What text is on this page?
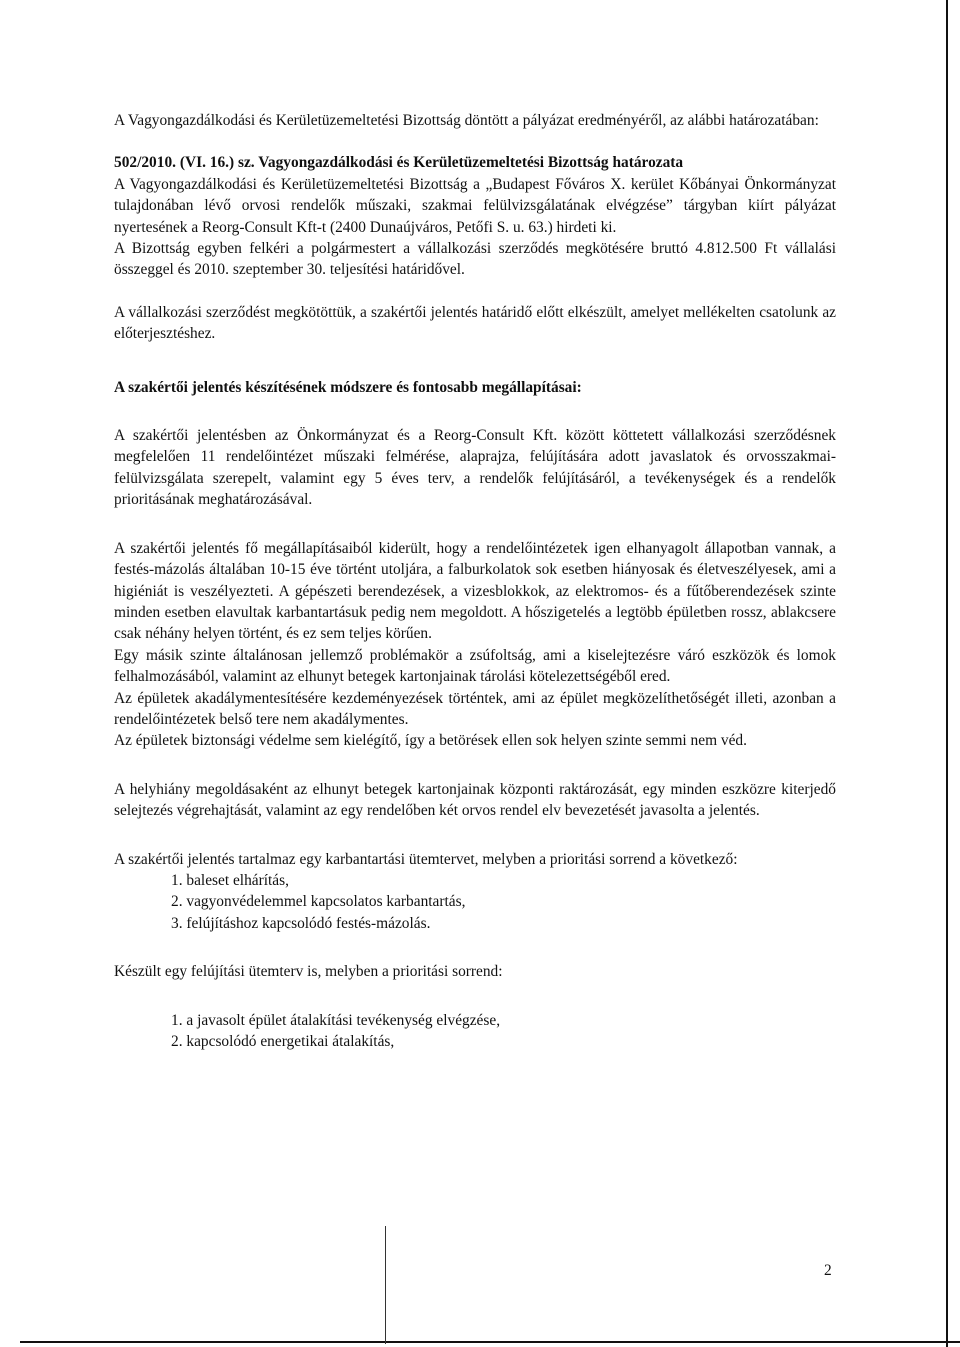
A Vagyongazdálkodási és Kerületüzemeltetési Bizottság döntött a pályázat eredményéről, az alábbi határozatában:

502/2010. (VI. 16.) sz. Vagyongazdálkodási és Kerületüzemeltetési Bizottság határozata

A Vagyongazdálkodási és Kerületüzemeltetési Bizottság a „Budapest Főváros X. kerület Kőbányai Önkormányzat tulajdonában lévő orvosi rendelők műszaki, szakmai felülvizsgálatának elvégzése” tárgyban kiírt pályázat nyertesének a Reorg-Consult Kft-t (2400 Dunaújváros, Petőfi S. u. 63.) hirdeti ki.

A Bizottság egyben felkéri a polgármestert a vállalkozási szerződés megkötésére bruttó 4.812.500 Ft vállalási összeggel és 2010. szeptember 30. teljesítési határidővel.

A vállalkozási szerződést megkötöttük, a szakértői jelentés határidő előtt elkészült, amelyet mellékelten csatolunk az előterjesztéshez.

A szakértői jelentés készítésének módszere és fontosabb megállapításai:

A szakértői jelentésben az Önkormányzat és a Reorg-Consult Kft. között köttetett vállalkozási szerződésnek megfelelően 11 rendelőintézet műszaki felmérése, alaprajza, felújítására adott javaslatok és orvosszakmai-felülvizsgálata szerepelt, valamint egy 5 éves terv, a rendelők felújításáról, a tevékenységek és a rendelők prioritásának meghatározásával.

A szakértői jelentés fő megállapításaiból kiderült, hogy a rendelőintézetek igen elhanyagolt állapotban vannak, a festés-mázolás általában 10-15 éve történt utoljára, a falburkolatok sok esetben hiányosak és életveszélyesek, ami a higiéniát is veszélyezteti. A gépészeti berendezések, a vizesblokkok, az elektromos- és a fűtőberendezések szinte minden esetben elavultak karbantartásuk pedig nem megoldott. A hőszigetelés a legtöbb épületben rossz, ablakcsere csak néhány helyen történt, és ez sem teljes körűen.

Egy másik szinte általánosan jellemző problémakör a zsúfoltság, ami a kiselejtezésre váró eszközök és lomok felhalmozásából, valamint az elhunyt betegek kartonjainak tárolási kötelezettségéből ered.

Az épületek akadálymentesítésére kezdeményezések történtek, ami az épület megközelíthetőségét illeti, azonban a rendelőintézetek belső tere nem akadálymentes.

Az épületek biztonsági védelme sem kielégítő, így a betörések ellen sok helyen szinte semmi nem véd.

A helyhiány megoldásaként az elhunyt betegek kartonjainak központi raktározását, egy minden eszközre kiterjedő selejtezés végrehajtását, valamint az egy rendelőben két orvos rendel elv bevezetését javasolta a jelentés.

A szakértői jelentés tartalmaz egy karbantartási ütemtervet, melyben a prioritási sorrend a következő:

1. baleset elhárítás,
2. vagyonvédelemmel kapcsolatos karbantartás,
3. felújításhoz kapcsolódó festés-mázolás.

Készült egy felújítási ütemterv is, melyben a prioritási sorrend:

1. a javasolt épület átalakítási tevékenység elvégzése,
2. kapcsolódó energetikai átalakítás,
2
